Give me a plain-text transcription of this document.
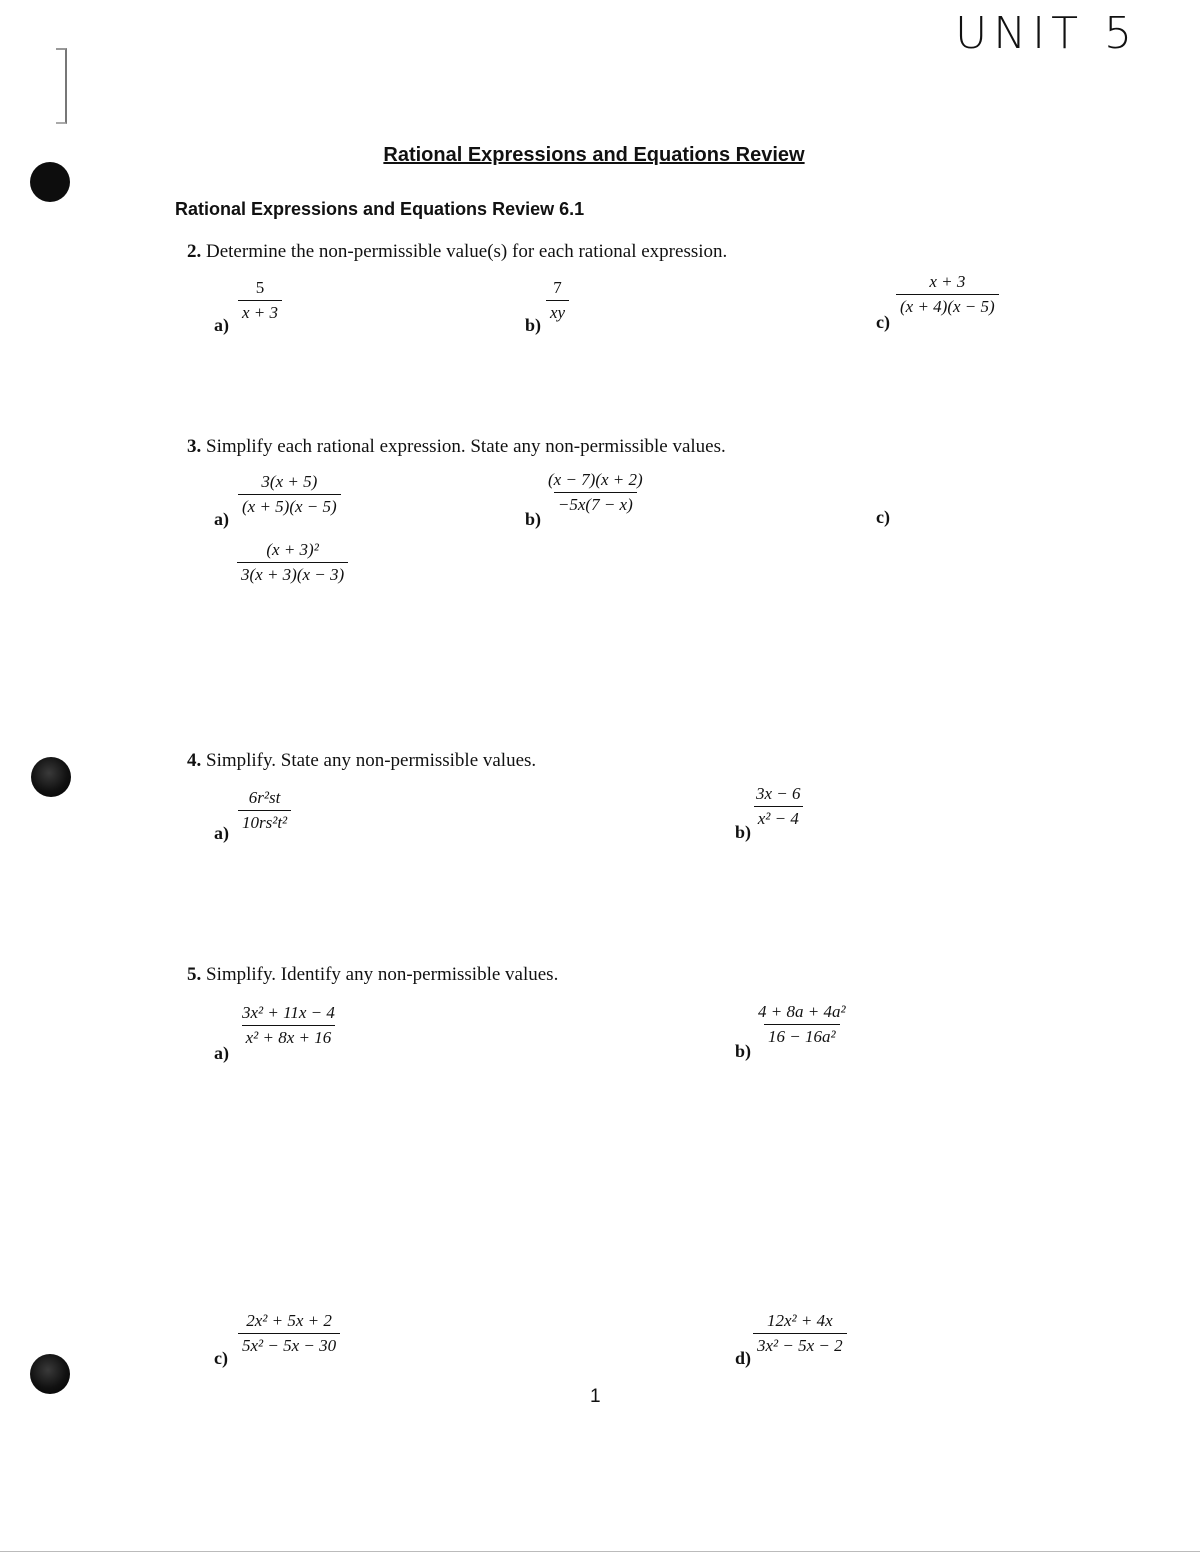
UNIT 5
Rational Expressions and Equations Review
Rational Expressions and Equations Review 6.1
2. Determine the non-permissible value(s) for each rational expression.
a)
$\frac{5}{x + 3}$
b)
$\frac{7}{xy}$	c)
$\frac{x + 3}{(x + 4)(x - 5)}$
3. Simplify each rational expression. State any non-permissible values.
a)
$\frac{3(x + 5)}{(x + 5)(x - 5)}$
b)
$\frac{(x - 7)(x + 2)}{-5x(7 - x)}$
c)
$\frac{\text{(x + 3)²}}{3(x + 3)(x - 3)}$
4. Simplify. State any non-permissible values.
$a) \frac{\text{6r²st}}{\text{10rs²t²}}$	b)
$\frac{3x - 6}{\text{x² − 4}}$
5. Simplify. Identify any non-permissible values.
a)
$\frac{\text{3x² + 11x − 4}}{\text{x² + 8x + 16}}$
b)
$\frac{\text{4 + 8a + 4a²}}{\text{16 − 16a²}}$
c)
$\frac{\text{2x² + 5x + 2}}{\text{5x² − 5x − 30}}$
d)
$\frac{\text{12x² + 4x}}{\text{3x² − 5x − 2}}$
1
